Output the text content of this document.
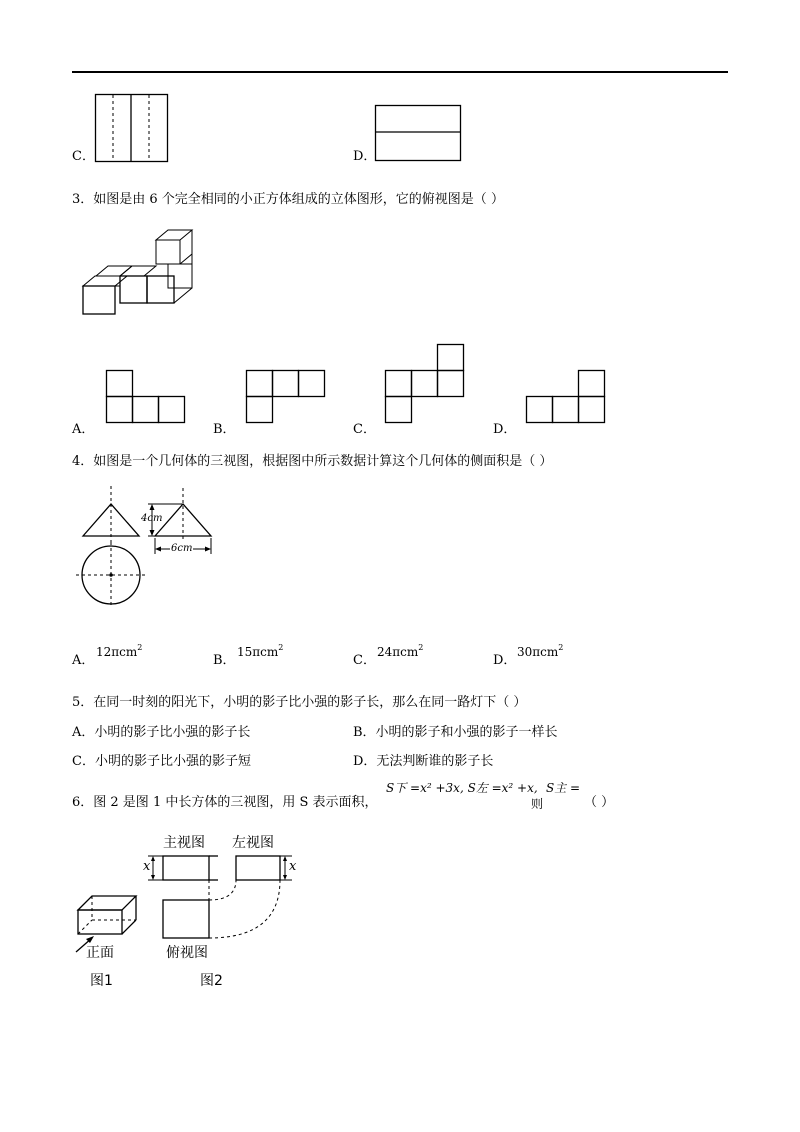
C．	D．
3．如图是由 6 个完全相同的小正方体组成的立体图形，它的俯视图是（ ）
A．	B．	C．	D．
4．如图是一个几何体的三视图，根据图中所示数据计算这个几何体的侧面积是（ ）
4cm
6cm
A．
12πcm$^2$
B．
15πcm$^2$
C．
24πcm$^2$
D．
30πcm$^2$
5．在同一时刻的阳光下，小明的影子比小强的影子长，那么在同一路灯下（ ）
A．小明的影子比小强的影子长	B．小明的影子和小强的影子一样长
C．小明的影子比小强的影子短	D．无法判断谁的影子长
6．图 2 是图 1 中长方体的三视图，用 S 表示面积，
S下 =x² +3x, S左 =x² +x,
则
S主 =
（ ）
主视图 左视图
x	x
俯视图
正面
图1	图2
